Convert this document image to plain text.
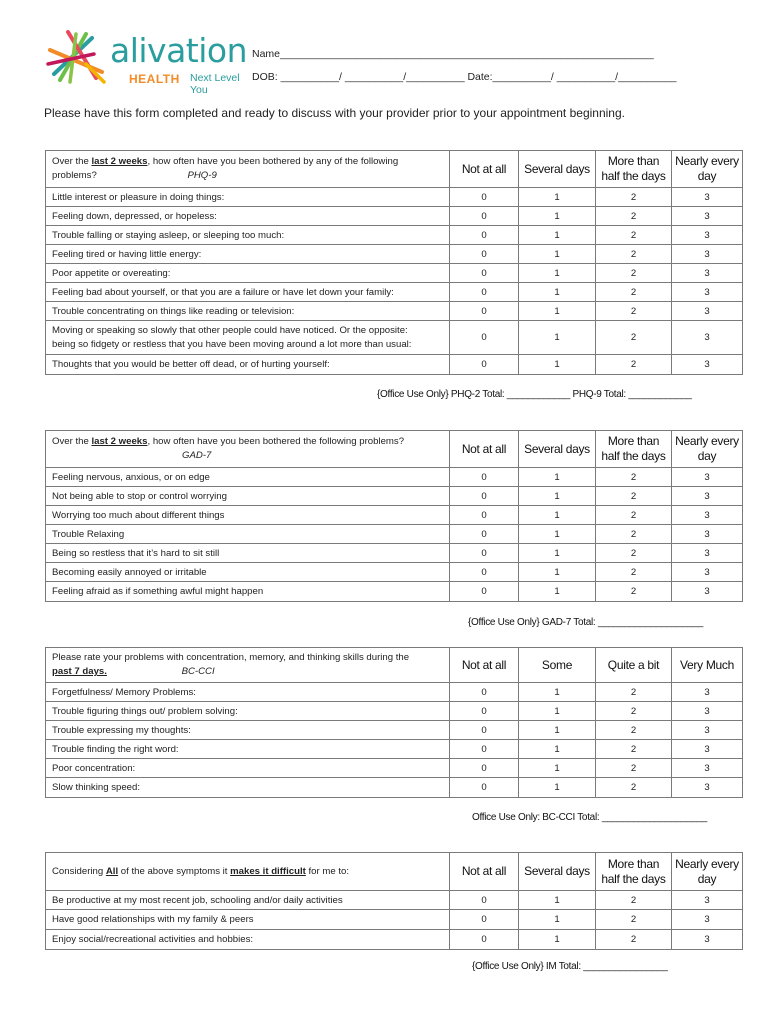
alivation
HEALTH Next Level You
Name________________________________________________________________
DOB: __________/ __________/__________ Date:__________/ __________/__________
Please have this form completed and ready to discuss with your provider prior to your appointment beginning.
Over the last 2 weeks, how often have you been bothered by any of the following
problems? PHQ-9	Not at all	Several days	More than half the days	Nearly every day
Little interest or pleasure in doing things:	0	1	2	3
Feeling down, depressed, or hopeless:	0	1	2	3
Trouble falling or staying asleep, or sleeping too much:	0	1	2	3
Feeling tired or having little energy:	0	1	2	3
Poor appetite or overeating:	0	1	2	3
Feeling bad about yourself, or that you are a failure or have let down your family:	0	1	2	3
Trouble concentrating on things like reading or television:	0	1	2	3
Moving or speaking so slowly that other people could have noticed. Or the opposite:
being so fidgety or restless that you have been moving around a lot more than usual:	0	1	2	3
Thoughts that you would be better off dead, or of hurting yourself:	0	1	2	3
{Office Use Only} PHQ-2 Total: ____________ PHQ-9 Total: ____________
Over the last 2 weeks, how often have you been bothered the following problems?
GAD-7	Not at all	Several days	More than half the days	Nearly every day
Feeling nervous, anxious, or on edge	0	1	2	3
Not being able to stop or control worrying	0	1	2	3
Worrying too much about different things	0	1	2	3
Trouble Relaxing	0	1	2	3
Being so restless that it’s hard to sit still	0	1	2	3
Becoming easily annoyed or irritable	0	1	2	3
Feeling afraid as if something awful might happen	0	1	2	3
{Office Use Only} GAD-7 Total: ____________________
Please rate your problems with concentration, memory, and thinking skills during the
past 7 days. BC-CCI	Not at all	Some	Quite a bit	Very Much
Forgetfulness/ Memory Problems:	0	1	2	3
Trouble figuring things out/ problem solving:	0	1	2	3
Trouble expressing my thoughts:	0	1	2	3
Trouble finding the right word:	0	1	2	3
Poor concentration:	0	1	2	3
Slow thinking speed:	0	1	2	3
Office Use Only: BC-CCI Total: ____________________
Considering All of the above symptoms it makes it difficult for me to:	Not at all	Several days	More than half the days	Nearly every day
Be productive at my most recent job, schooling and/or daily activities	0	1	2	3
Have good relationships with my family & peers	0	1	2	3
Enjoy social/recreational activities and hobbies:	0	1	2	3
{Office Use Only} IM Total: ________________
